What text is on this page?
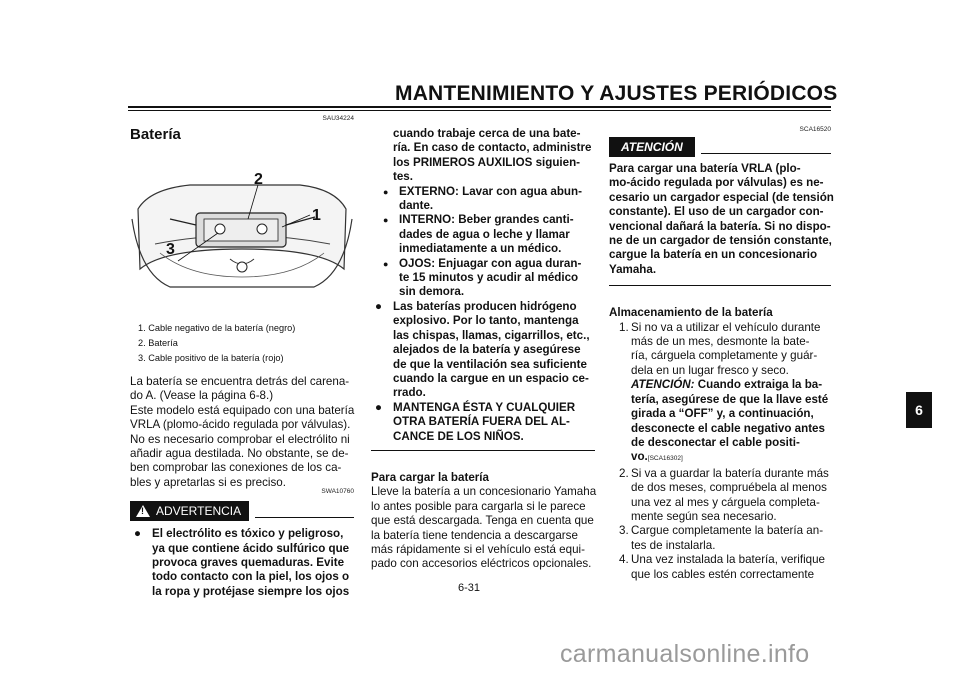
MANTENIMIENTO Y AJUSTES PERIÓDICOS
SAU34224
Batería
2
1
3
1. Cable negativo de la batería (negro)
2. Batería
3. Cable positivo de la batería (rojo)
La batería se encuentra detrás del carena-
do A. (Vease la página 6-8.)
Este modelo está equipado con una batería
VRLA (plomo-ácido regulada por válvulas).
No es necesario comprobar el electrólito ni
añadir agua destilada. No obstante, se de-
ben comprobar las conexiones de los ca-
bles y apretarlas si es preciso.
SWA10760
! ADVERTENCIA
● El electrólito es tóxico y peligroso,
ya que contiene ácido sulfúrico que
provoca graves quemaduras. Evite
todo contacto con la piel, los ojos o
la ropa y protéjase siempre los ojos
cuando trabaje cerca de una bate-
ría. En caso de contacto, administre
los PRIMEROS AUXILIOS siguien-
tes.
● EXTERNO: Lavar con agua abun-
dante.
● INTERNO: Beber grandes canti-
dades de agua o leche y llamar
inmediatamente a un médico.
● OJOS: Enjuagar con agua duran-
te 15 minutos y acudir al médico
sin demora.
● Las baterías producen hidrógeno
explosivo. Por lo tanto, mantenga
las chispas, llamas, cigarrillos, etc.,
alejados de la batería y asegúrese
de que la ventilación sea suficiente
cuando la cargue en un espacio ce-
rrado.
● MANTENGA ÉSTA Y CUALQUIER
OTRA BATERÍA FUERA DEL AL-
CANCE DE LOS NIÑOS.
Para cargar la batería
Lleve la batería a un concesionario Yamaha
lo antes posible para cargarla si le parece
que está descargada. Tenga en cuenta que
la batería tiene tendencia a descargarse
más rápidamente si el vehículo está equi-
pado con accesorios eléctricos opcionales.
SCA16520
ATENCIÓN
Para cargar una batería VRLA (plo-
mo-ácido regulada por válvulas) es ne-
cesario un cargador especial (de tensión
constante). El uso de un cargador con-
vencional dañará la batería. Si no dispo-
ne de un cargador de tensión constante,
cargue la batería en un concesionario
Yamaha.
Almacenamiento de la batería
1. Si no va a utilizar el vehículo durante
más de un mes, desmonte la bate-
ría, cárguela completamente y guár-
dela en un lugar fresco y seco.
ATENCIÓN: Cuando extraiga la ba-
tería, asegúrese de que la llave esté
girada a “OFF” y, a continuación,
desconecte el cable negativo antes
de desconectar el cable positi-
vo.[SCA16302]
2. Si va a guardar la batería durante más
de dos meses, compruébela al menos
una vez al mes y cárguela completa-
mente según sea necesario.
3. Cargue completamente la batería an-
tes de instalarla.
4. Una vez instalada la batería, verifique
que los cables estén correctamente
6
6-31
carmanualsonline.info
